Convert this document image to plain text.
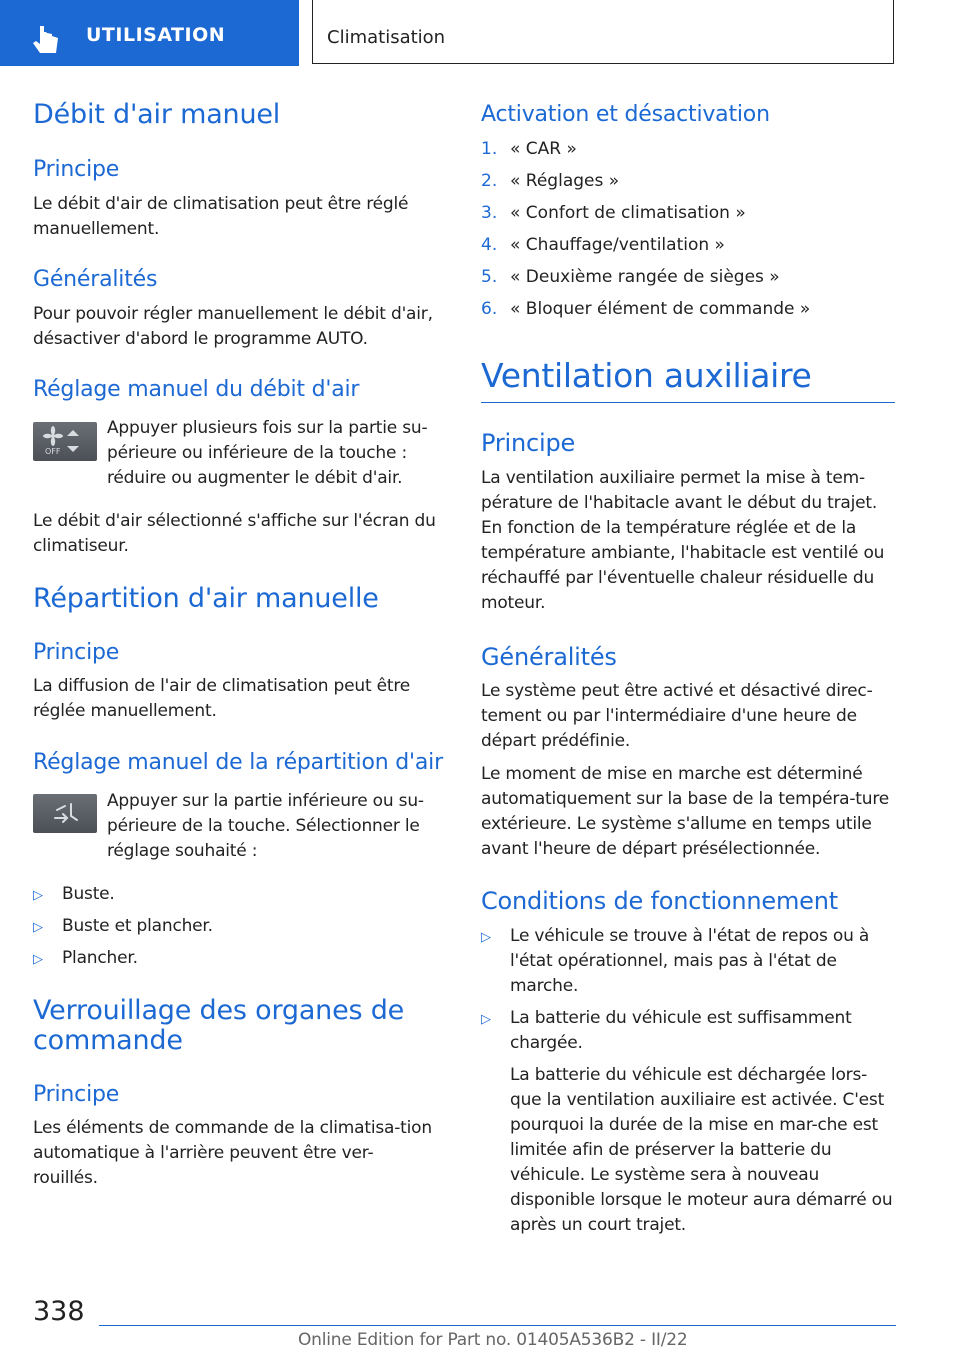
UTILISATION	Climatisation
Débit d'air manuel
Principe

Le débit d'air de climatisation peut être réglé manuellement.

Généralités

Pour pouvoir régler manuellement le débit d'air, désactiver d'abord le programme AUTO.

Réglage manuel du débit d'air
OFF

Appuyer plusieurs fois sur la partie su-périeure ou inférieure de la touche : réduire ou augmenter le débit d'air.

Le débit d'air sélectionné s'affiche sur l'écran du climatiseur.

Répartition d'air manuelle
Principe

La diffusion de l'air de climatisation peut être réglée manuellement.

Réglage manuel de la répartition d'air

Appuyer sur la partie inférieure ou su-périeure de la touche. Sélectionner le réglage souhaité :

▷	Buste.
▷	Buste et plancher.
▷	Plancher.
Verrouillage des organes de commande
Principe

Les éléments de commande de la climatisa-tion automatique à l'arrière peuvent être ver-rouillés.

Activation et désactivation
1. « CAR »
2. « Réglages »
3. « Confort de climatisation »
4. « Chauffage/ventilation »
5. « Deuxième rangée de sièges »
6. « Bloquer élément de commande »
Ventilation auxiliaire
Principe

La ventilation auxiliaire permet la mise à tem-pérature de l'habitacle avant le début du trajet. En fonction de la température réglée et de la température ambiante, l'habitacle est ventilé ou réchauffé par l'éventuelle chaleur résiduelle du moteur.

Généralités

Le système peut être activé et désactivé direc-tement ou par l'intermédiaire d'une heure de départ prédéfinie.

Le moment de mise en marche est déterminé automatiquement sur la base de la tempéra-ture extérieure. Le système s'allume en temps utile avant l'heure de départ présélectionnée.

Conditions de fonctionnement
▷	Le véhicule se trouve à l'état de repos ou à l'état opérationnel, mais pas à l'état de marche.
▷	La batterie du véhicule est suffisamment chargée.

La batterie du véhicule est déchargée lors-que la ventilation auxiliaire est activée. C'est pourquoi la durée de la mise en mar-che est limitée afin de préserver la batterie du véhicule. Le système sera à nouveau disponible lorsque le moteur aura démarré ou après un court trajet.

338
Online Edition for Part no. 01405A536B2 - II/22
